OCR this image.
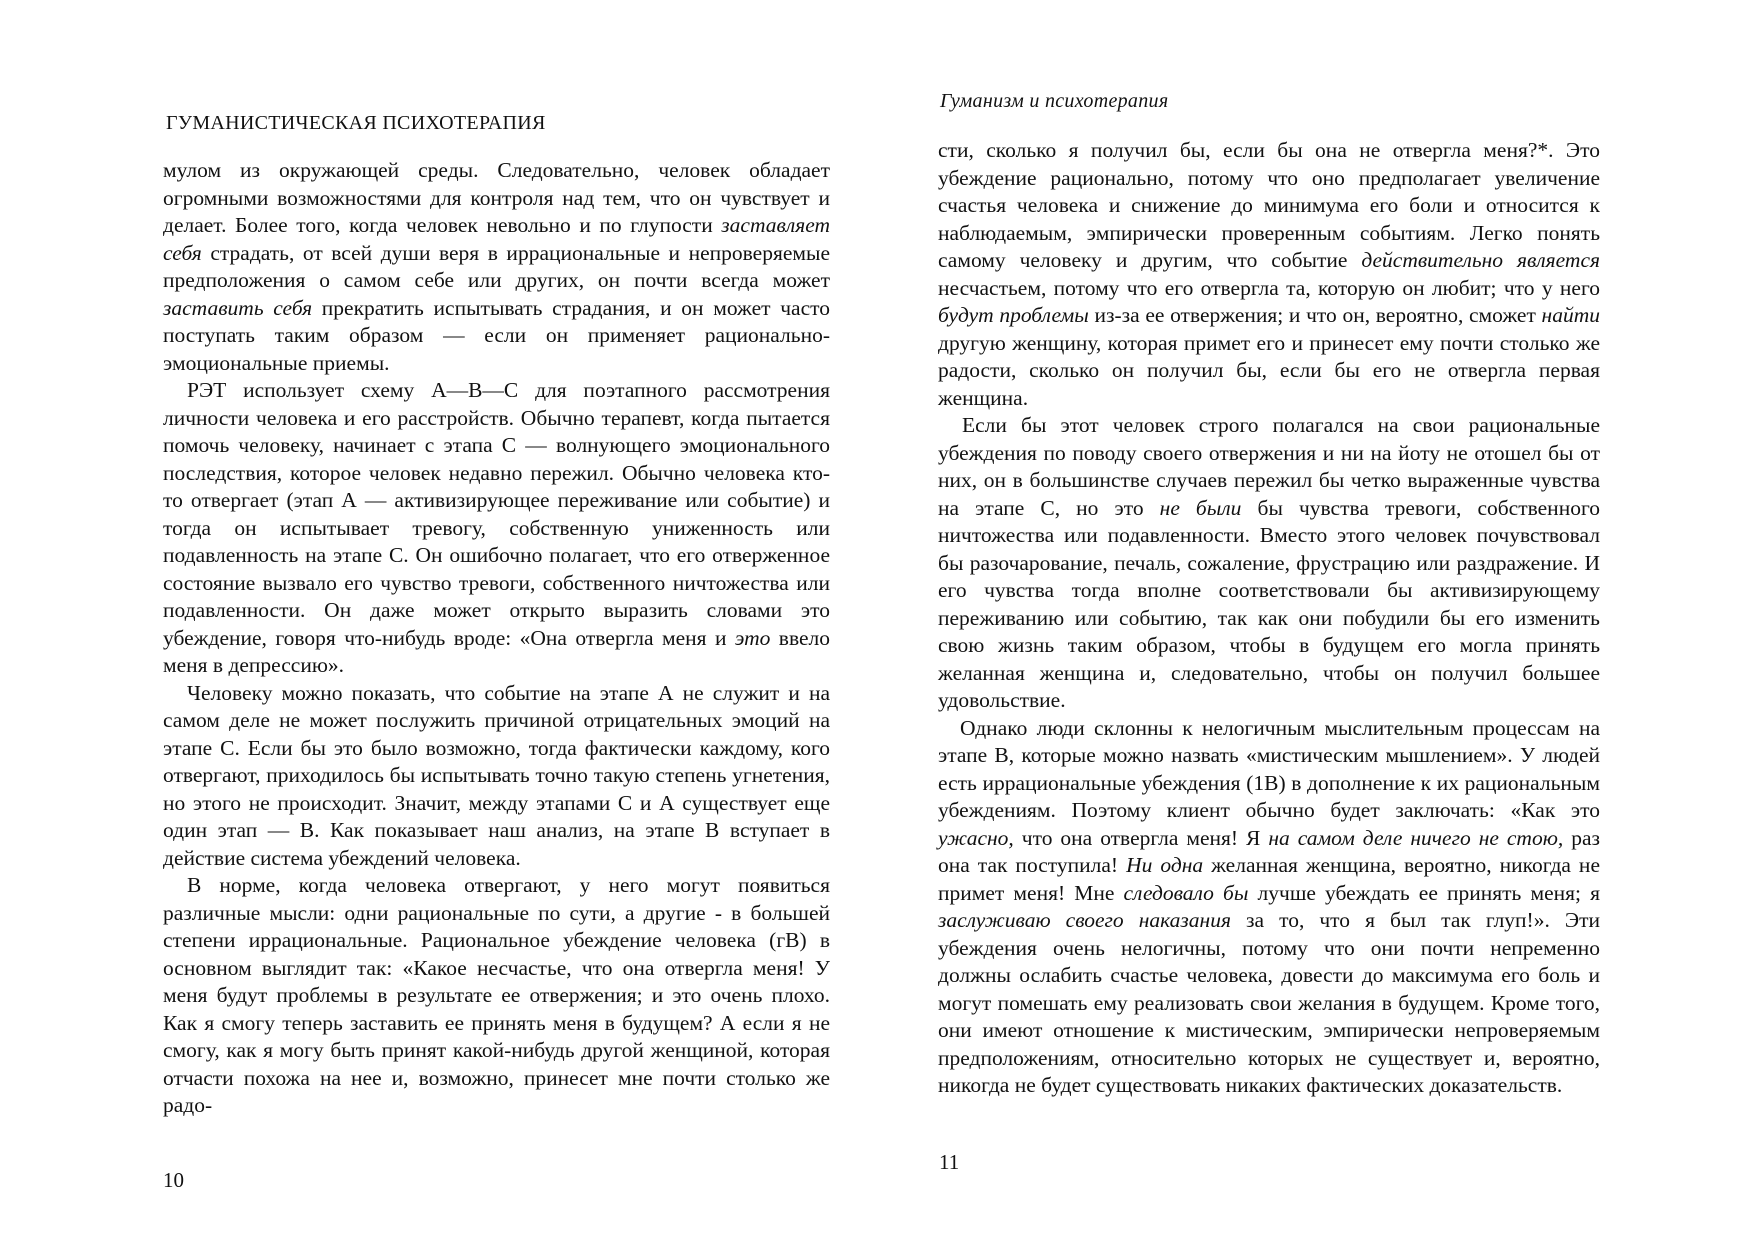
ГУМАНИСТИЧЕСКАЯ ПСИХОТЕРАПИЯ

мулом из окружающей среды. Следовательно, человек обладает огромными возможностями для контроля над тем, что он чувствует и делает. Более того, когда человек невольно и по глупости заставляет себя страдать, от всей души веря в иррациональные и непроверяемые предположения о самом себе или других, он почти всегда может заставить себя прекратить испытывать страдания, и он может часто поступать таким образом — если он применяет рационально-эмоциональные приемы.

РЭТ использует схему А—В—С для поэтапного рассмотрения личности человека и его расстройств. Обычно терапевт, когда пытается помочь человеку, начинает с этапа С — волнующего эмоционального последствия, которое человек недавно пережил. Обычно человека кто-то отвергает (этап А — активизирующее переживание или событие) и тогда он испытывает тревогу, собственную униженность или подавленность на этапе С. Он ошибочно полагает, что его отверженное состояние вызвало его чувство тревоги, собственного ничтожества или подавленности. Он даже может открыто выразить словами это убеждение, говоря что-нибудь вроде: «Она отвергла меня и это ввело меня в депрессию».

Человеку можно показать, что событие на этапе А не служит и на самом деле не может послужить причиной отрицательных эмоций на этапе С. Если бы это было возможно, тогда фактически каждому, кого отвергают, приходилось бы испытывать точно такую степень угнетения, но этого не происходит. Значит, между этапами С и А существует еще один этап — В. Как показывает наш анализ, на этапе В вступает в действие система убеждений человека.

В норме, когда человека отвергают, у него могут появиться различные мысли: одни рациональные по сути, а другие - в большей степени иррациональные. Рациональное убеждение человека (гВ) в основном выглядит так: «Какое несчастье, что она отвергла меня! У меня будут проблемы в результате ее отвержения; и это очень плохо. Как я смогу теперь заставить ее принять меня в будущем? А если я не смогу, как я могу быть принят какой-нибудь другой женщиной, которая отчасти похожа на нее и, возможно, принесет мне почти столько же радо-

10
Гуманизм и психотерапия

сти, сколько я получил бы, если бы она не отвергла меня?*. Это убеждение рационально, потому что оно предполагает увеличение счастья человека и снижение до минимума его боли и относится к наблюдаемым, эмпирически проверенным событиям. Легко понять самому человеку и другим, что событие действительно является несчастьем, потому что его отвергла та, которую он любит; что у него будут проблемы из-за ее отвержения; и что он, вероятно, сможет найти другую женщину, которая примет его и принесет ему почти столько же радости, сколько он получил бы, если бы его не отвергла первая женщина.

Если бы этот человек строго полагался на свои рациональные убеждения по поводу своего отвержения и ни на йоту не отошел бы от них, он в большинстве случаев пережил бы четко выраженные чувства на этапе С, но это не были бы чувства тревоги, собственного ничтожества или подавленности. Вместо этого человек почувствовал бы разочарование, печаль, сожаление, фрустрацию или раздражение. И его чувства тогда вполне соответствовали бы активизирующему переживанию или событию, так как они побудили бы его изменить свою жизнь таким образом, чтобы в будущем его могла принять желанная женщина и, следовательно, чтобы он получил большее удовольствие.

Однако люди склонны к нелогичным мыслительным процессам на этапе В, которые можно назвать «мистическим мышлением». У людей есть иррациональные убеждения (1В) в дополнение к их рациональным убеждениям. Поэтому клиент обычно будет заключать: «Как это ужасно, что она отвергла меня! Я на самом деле ничего не стою, раз она так поступила! Ни одна желанная женщина, вероятно, никогда не примет меня! Мне следовало бы лучше убеждать ее принять меня; я заслуживаю своего наказания за то, что я был так глуп!». Эти убеждения очень нелогичны, потому что они почти непременно должны ослабить счастье человека, довести до максимума его боль и могут помешать ему реализовать свои желания в будущем. Кроме того, они имеют отношение к мистическим, эмпирически непроверяемым предположениям, относительно которых не существует и, вероятно, никогда не будет существовать никаких фактических доказательств.

11
